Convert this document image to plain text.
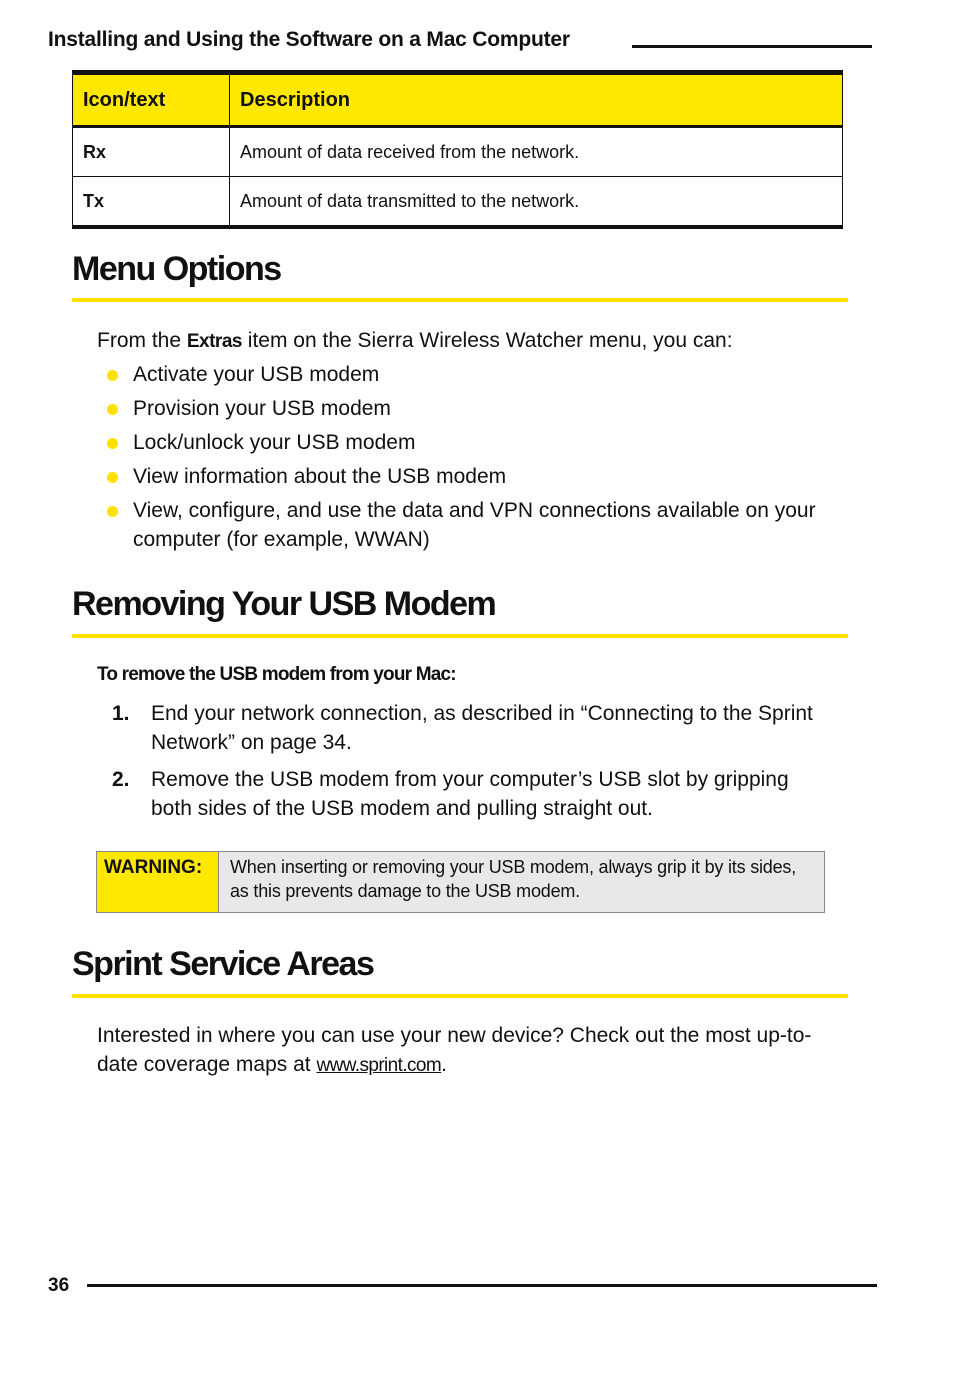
Installing and Using the Software on a Mac Computer
Icon/text	Description
Rx	Amount of data received from the network.
Tx	Amount of data transmitted to the network.
Menu Options
From the Extras item on the Sierra Wireless Watcher menu, you can:
Activate your USB modem
Provision your USB modem
Lock/unlock your USB modem
View information about the USB modem
View, configure, and use the data and VPN connections available on your computer (for example, WWAN)
Removing Your USB Modem
To remove the USB modem from your Mac:
1. End your network connection, as described in “Connecting to the Sprint Network” on page 34.
2. Remove the USB modem from your computer’s USB slot by gripping both sides of the USB modem and pulling straight out.
WARNING:	When inserting or removing your USB modem, always grip it by its sides, as this prevents damage to the USB modem.
Sprint Service Areas
Interested in where you can use your new device? Check out the most up-to-date coverage maps at www.sprint.com.
36
